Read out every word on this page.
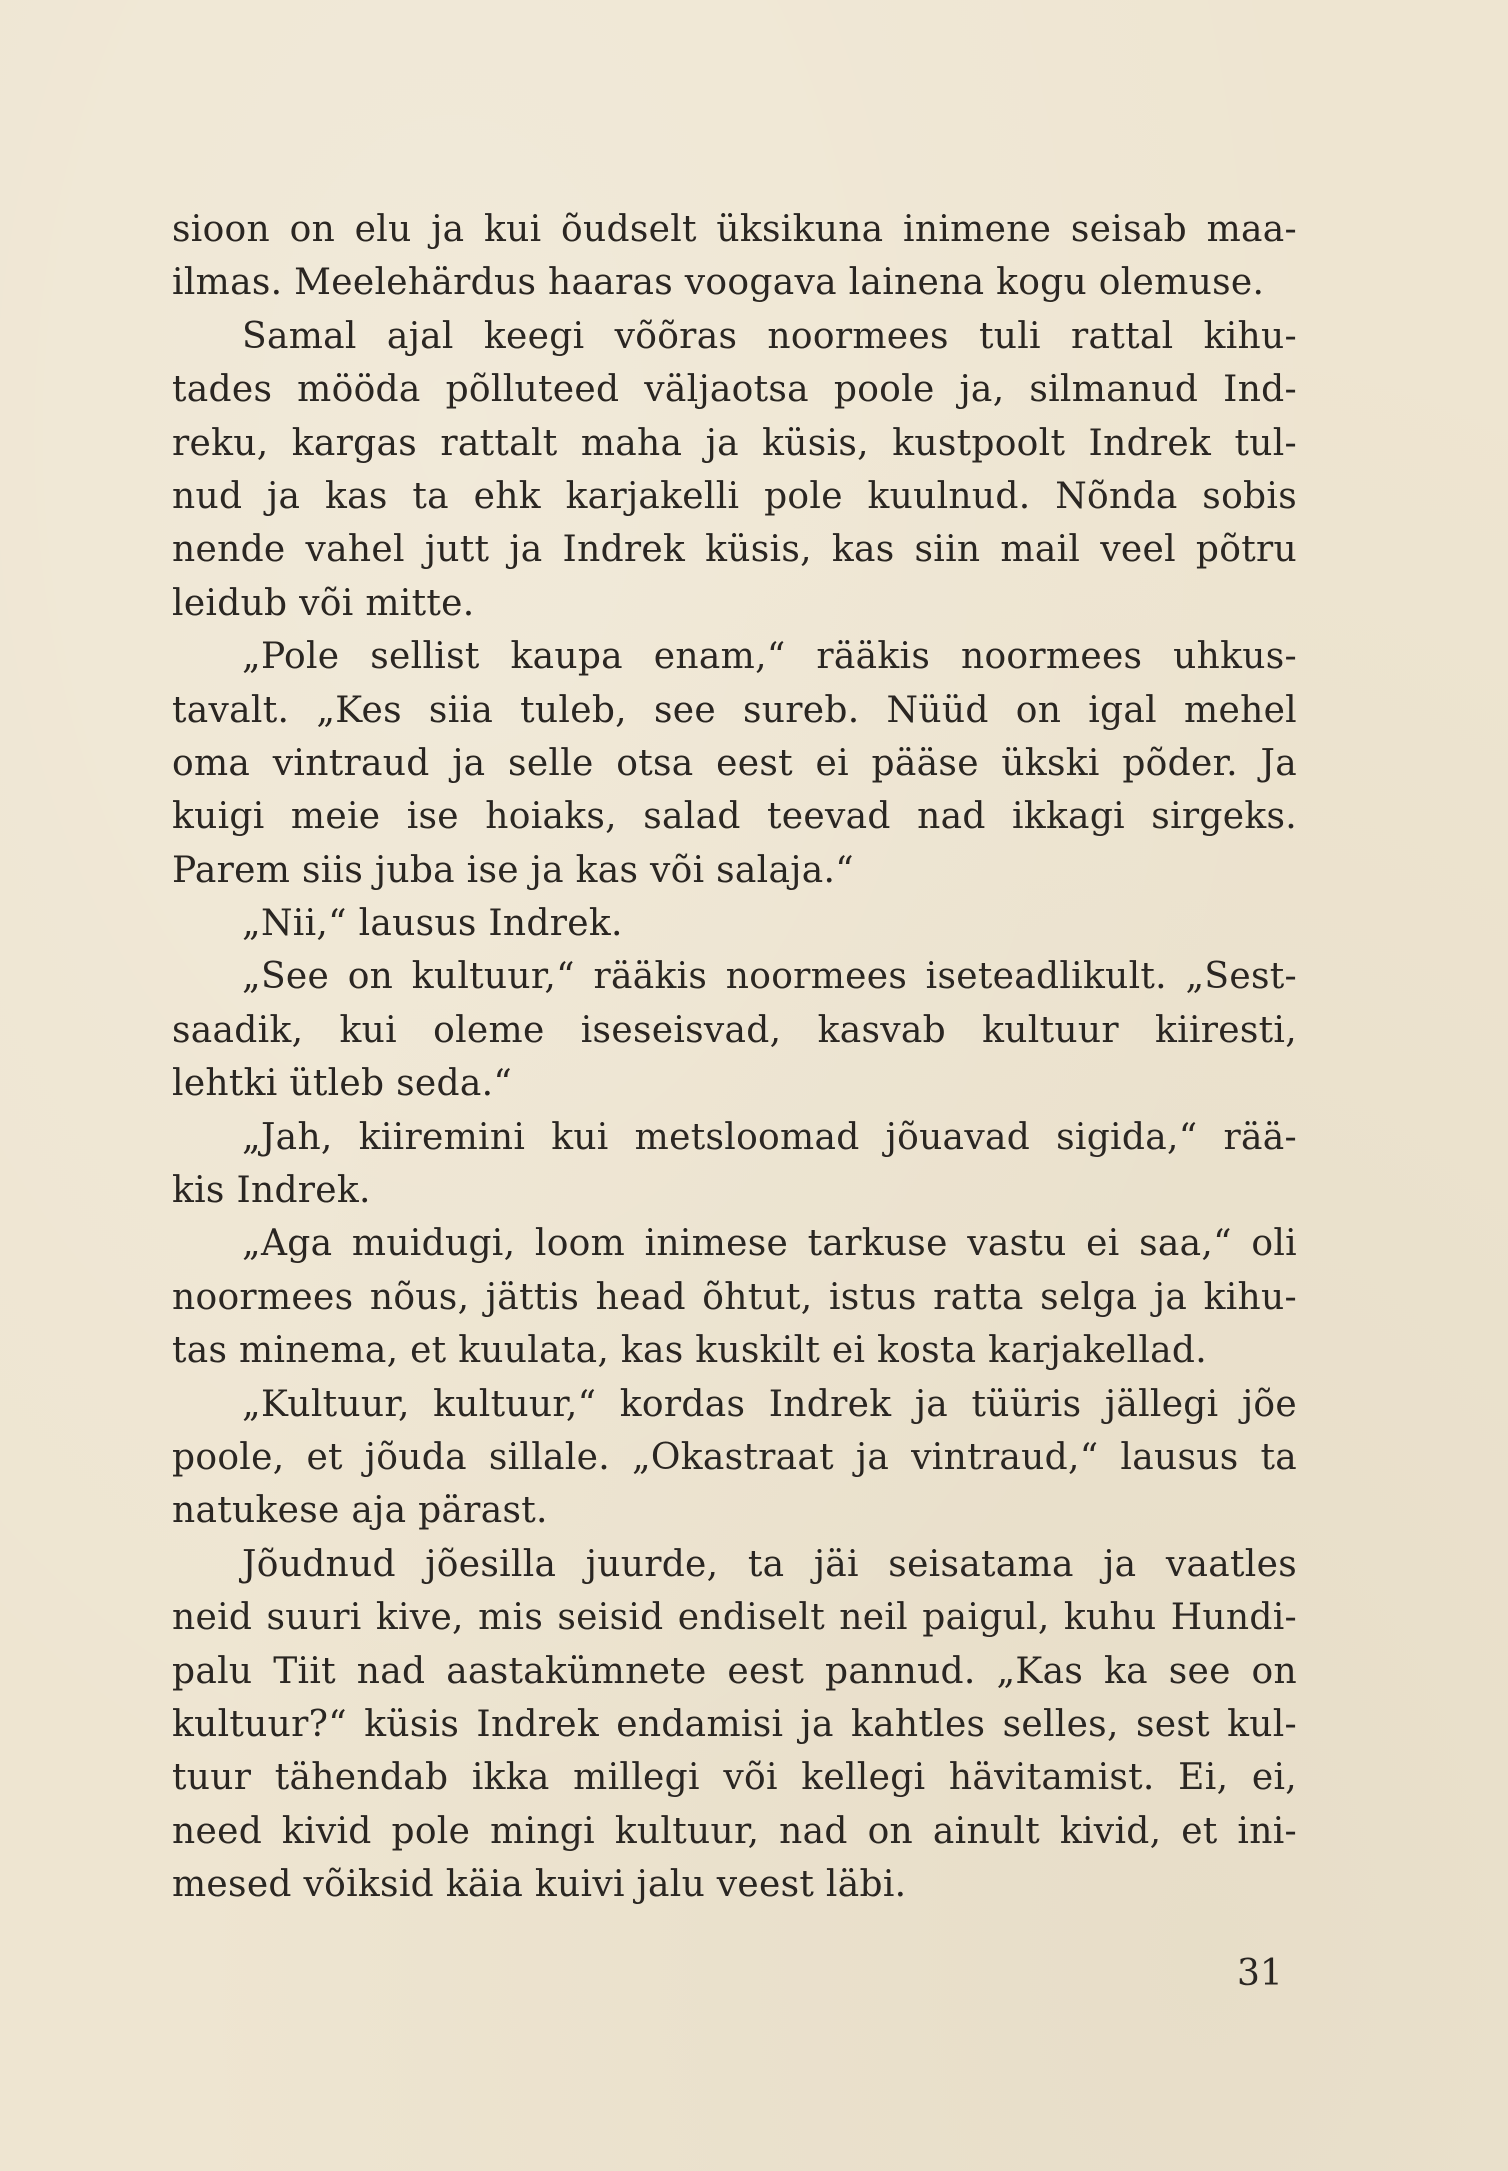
sioon on elu ja kui õudselt üksikuna inimene seisab maa-
ilmas. Meelehärdus haaras voogava lainena kogu olemuse.
Samal ajal keegi võõras noormees tuli rattal kihu-
tades mööda põlluteed väljaotsa poole ja, silmanud Ind-
reku, kargas rattalt maha ja küsis, kustpoolt Indrek tul-
nud ja kas ta ehk karjakelli pole kuulnud. Nõnda sobis
nende vahel jutt ja Indrek küsis, kas siin mail veel põtru
leidub või mitte.
„Pole sellist kaupa enam,“ rääkis noormees uhkus-
tavalt. „Kes siia tuleb, see sureb. Nüüd on igal mehel
oma vintraud ja selle otsa eest ei pääse ükski põder. Ja
kuigi meie ise hoiaks, salad teevad nad ikkagi sirgeks.
Parem siis juba ise ja kas või salaja.“
„Nii,“ lausus Indrek.
„See on kultuur,“ rääkis noormees iseteadlikult. „Sest-
saadik, kui oleme iseseisvad, kasvab kultuur kiiresti,
lehtki ütleb seda.“
„Jah, kiiremini kui metsloomad jõuavad sigida,“ rää-
kis Indrek.
„Aga muidugi, loom inimese tarkuse vastu ei saa,“ oli
noormees nõus, jättis head õhtut, istus ratta selga ja kihu-
tas minema, et kuulata, kas kuskilt ei kosta karjakellad.
„Kultuur, kultuur,“ kordas Indrek ja tüüris jällegi jõe
poole, et jõuda sillale. „Okastraat ja vintraud,“ lausus ta
natukese aja pärast.
Jõudnud jõesilla juurde, ta jäi seisatama ja vaatles
neid suuri kive, mis seisid endiselt neil paigul, kuhu Hundi-
palu Tiit nad aastakümnete eest pannud. „Kas ka see on
kultuur?“ küsis Indrek endamisi ja kahtles selles, sest kul-
tuur tähendab ikka millegi või kellegi hävitamist. Ei, ei,
need kivid pole mingi kultuur, nad on ainult kivid, et ini-
mesed võiksid käia kuivi jalu veest läbi.
31
